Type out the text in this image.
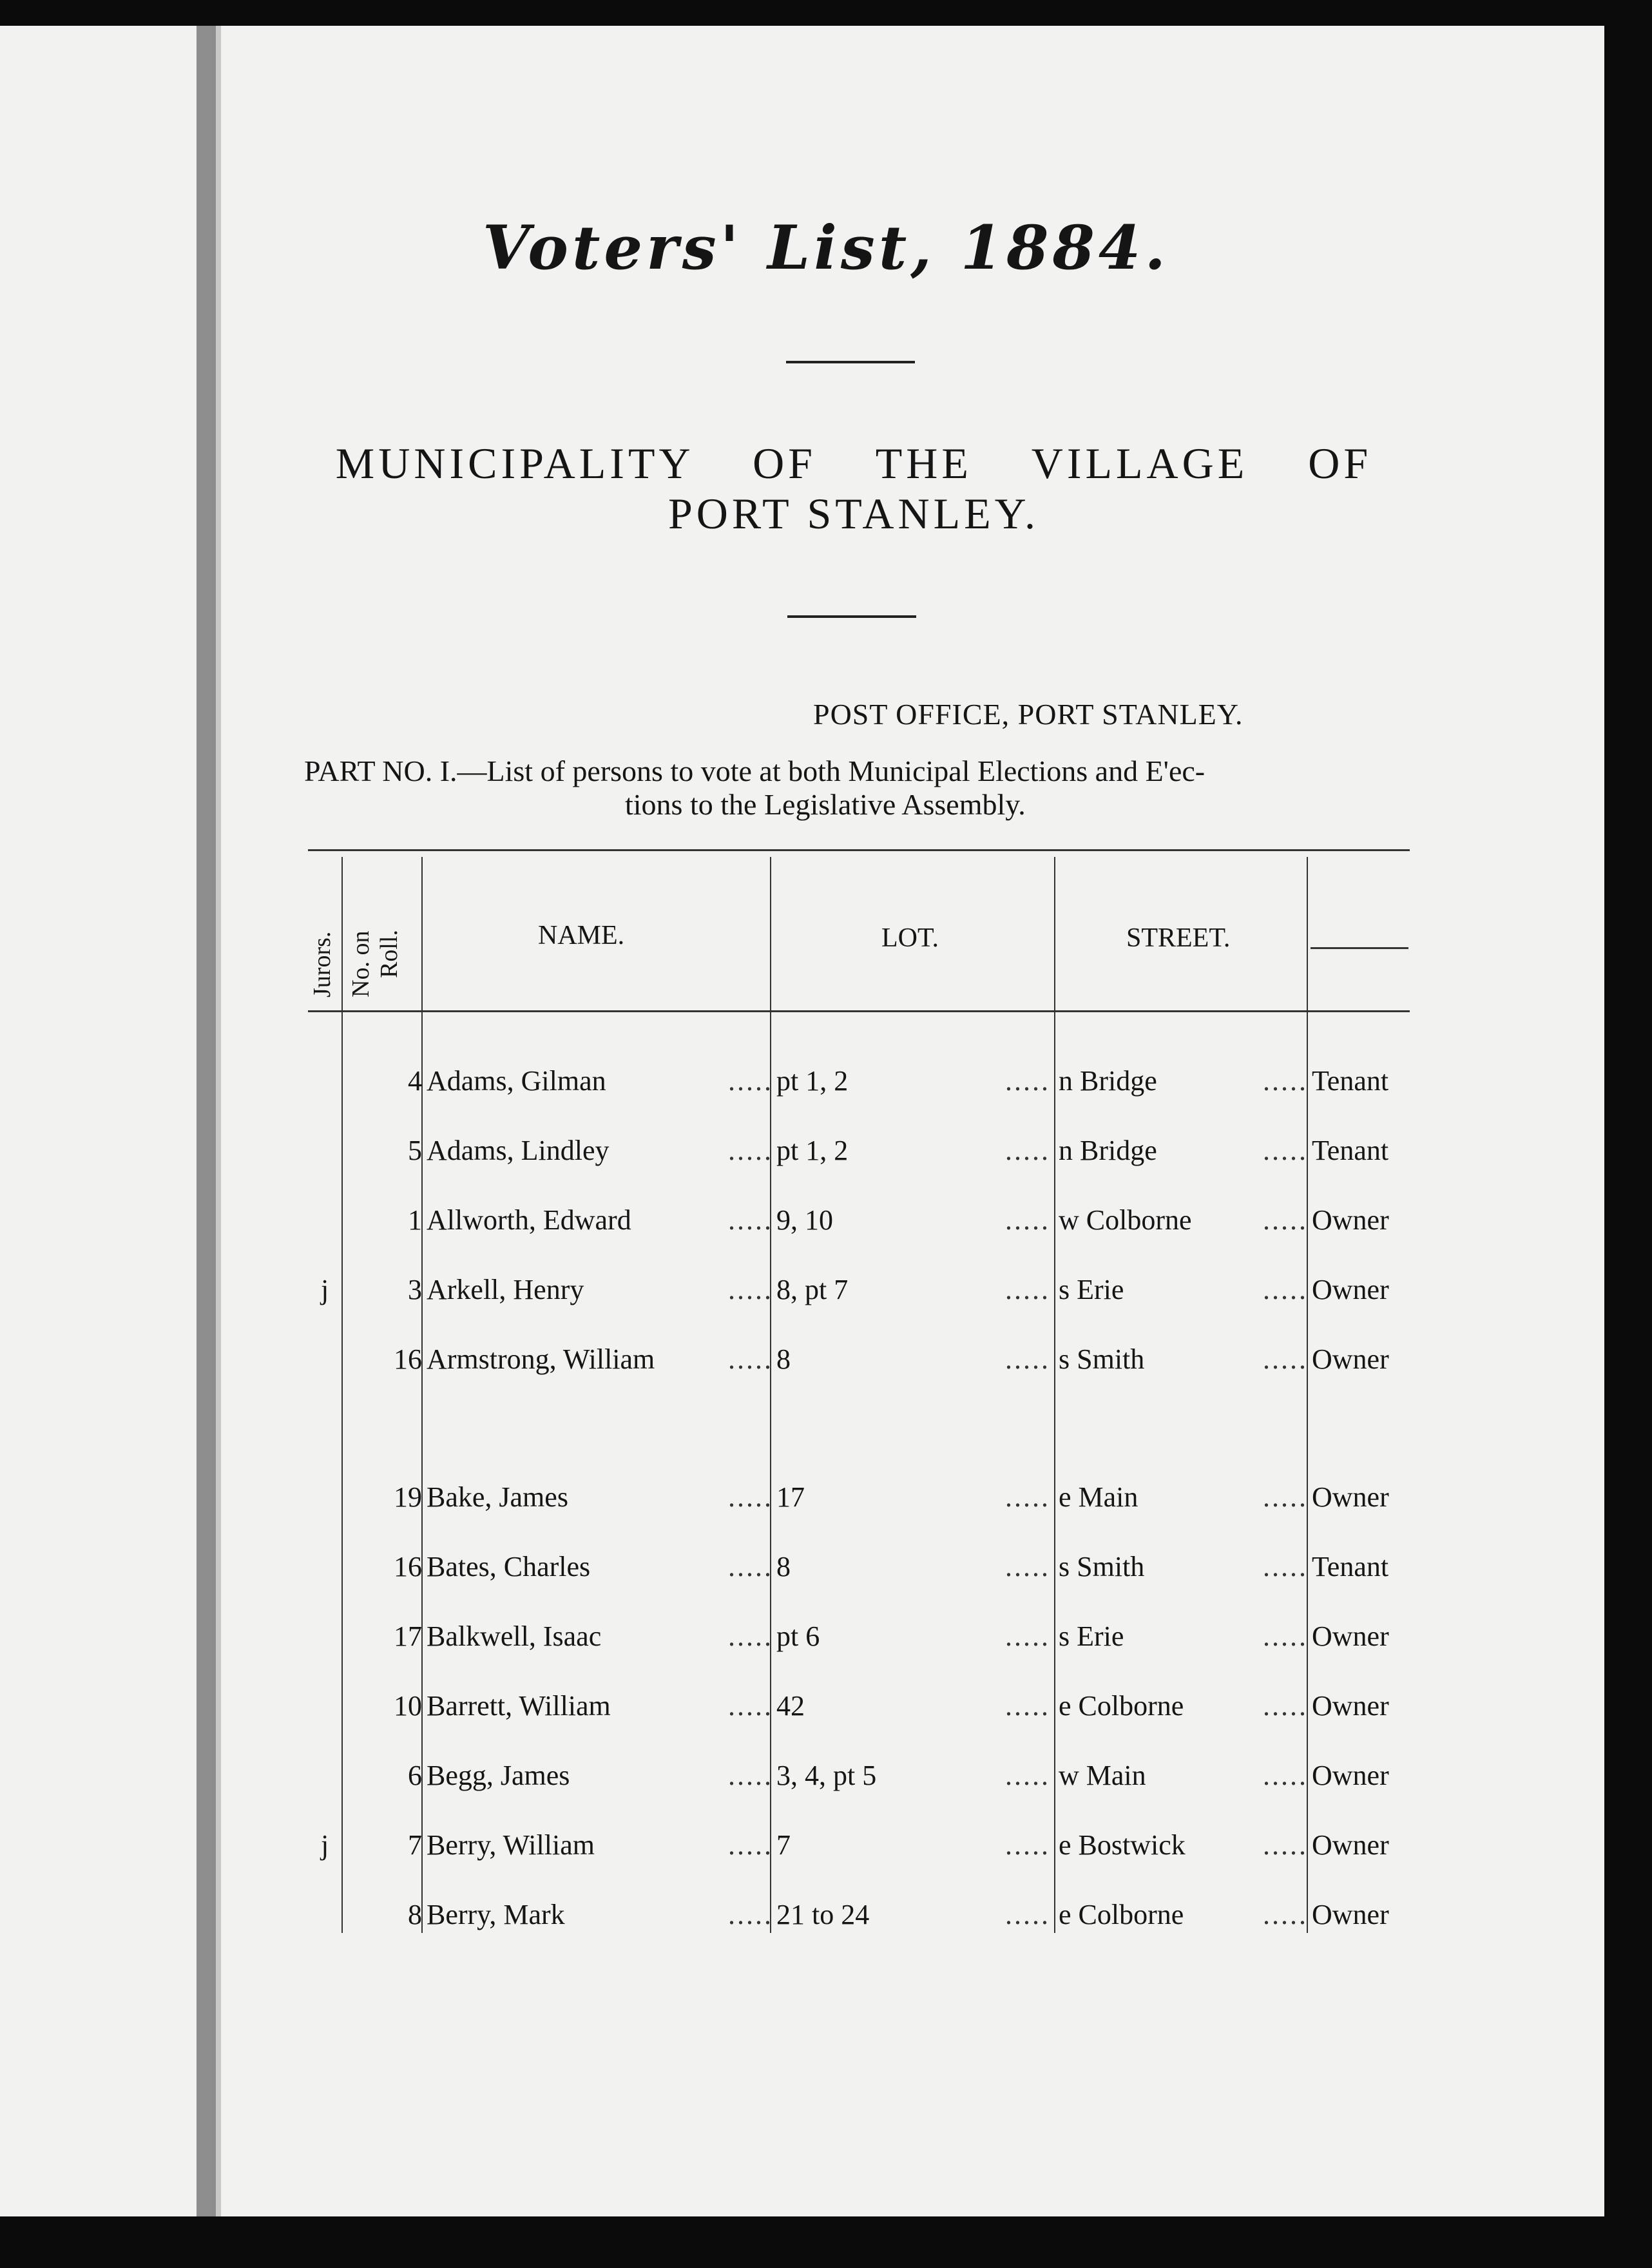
Voters' List, 1884.
MUNICIPALITY OF THE VILLAGE OF
PORT STANLEY.
POST OFFICE, PORT STANLEY.
PART NO. I.—List of persons to vote at both Municipal Elections and E'ec-
tions to the Legislative Assembly.
Jurors. No. on Roll.	NAME.	LOT.	STREET.
4 Adams, Gilman	pt 1, 2	n Bridge	Tenant
.....	.....	.....
5 Adams, Lindley	pt 1, 2	n Bridge	Tenant
.....	.....	.....
1 Allworth, Edward	9, 10	w Colborne	Owner
.....	.....	.....
j	3 Arkell, Henry	8, pt 7	s Erie	Owner
.....	.....	.....
16 Armstrong, William	8	s Smith	Owner
.....	.....	.....
19 Bake, James	17	e Main	Owner
.....	.....	.....
16 Bates, Charles	8	s Smith	Tenant
.....	.....	.....
17 Balkwell, Isaac	pt 6	s Erie	Owner
.....	.....	.....
10 Barrett, William	42	e Colborne	Owner
.....	.....	.....
6 Begg, James	3, 4, pt 5	w Main	Owner
.....	.....	.....
j	7 Berry, William	7	e Bostwick	Owner
.....	.....	.....
8 Berry, Mark	21 to 24	e Colborne	Owner
.....	.....	.....
